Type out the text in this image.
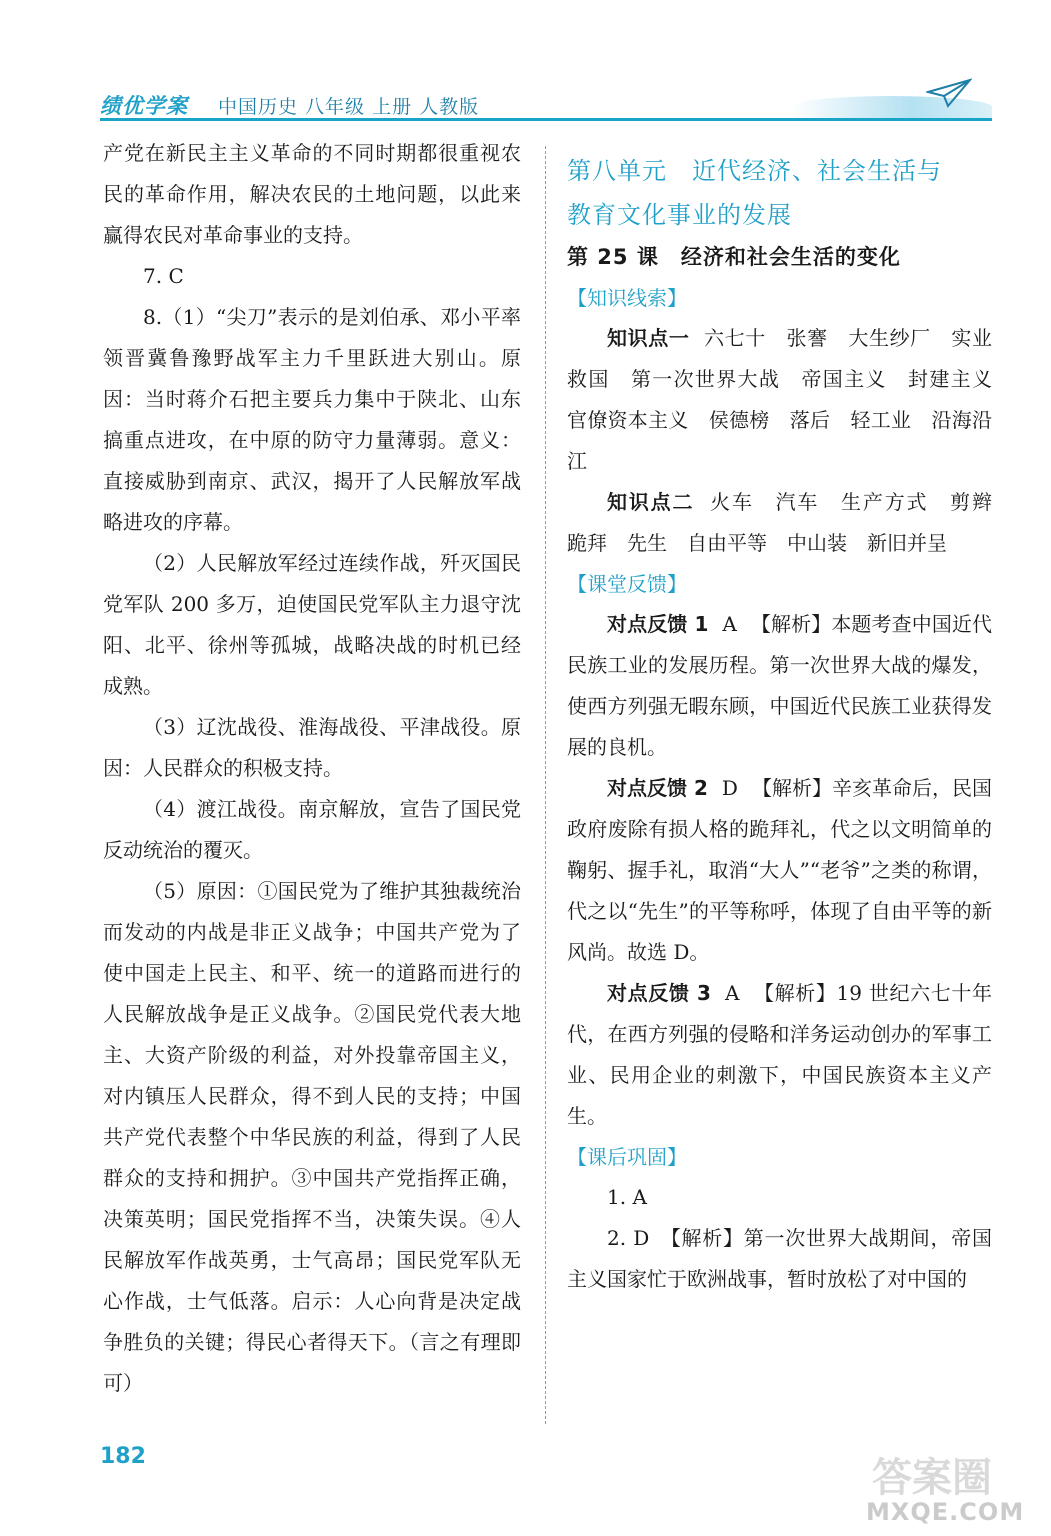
绩优学案 中国历史 八年级 上册 人教版

产党在新民主主义革命的不同时期都很重视农民的革命作用，解决农民的土地问题，以此来赢得农民对革命事业的支持。

7. C

8.（1）“尖刀”表示的是刘伯承、邓小平率领晋冀鲁豫野战军主力千里跃进大别山。原因：当时蒋介石把主要兵力集中于陕北、山东搞重点进攻，在中原的防守力量薄弱。意义：直接威胁到南京、武汉，揭开了人民解放军战略进攻的序幕。

（2）人民解放军经过连续作战，歼灭国民党军队 200 多万，迫使国民党军队主力退守沈阳、北平、徐州等孤城，战略决战的时机已经成熟。

（3）辽沈战役、淮海战役、平津战役。原因：人民群众的积极支持。

（4）渡江战役。南京解放，宣告了国民党反动统治的覆灭。

（5）原因：①国民党为了维护其独裁统治而发动的内战是非正义战争；中国共产党为了使中国走上民主、和平、统一的道路而进行的人民解放战争是正义战争。②国民党代表大地主、大资产阶级的利益，对外投靠帝国主义，对内镇压人民群众，得不到人民的支持；中国共产党代表整个中华民族的利益，得到了人民群众的支持和拥护。③中国共产党指挥正确，决策英明；国民党指挥不当，决策失误。④人民解放军作战英勇，士气高昂；国民党军队无心作战，士气低落。启示：人心向背是决定战争胜负的关键；得民心者得天下。（言之有理即可）

第八单元　近代经济、社会生活与

教育文化事业的发展

第 25 课　经济和社会生活的变化

【知识线索】

知识点一 六七十　张謇　大生纱厂　实业救国　第一次世界大战　帝国主义　封建主义　官僚资本主义　侯德榜　落后　轻工业　沿海沿江

知识点二 火车　汽车　生产方式　剪辫　跪拜　先生　自由平等　中山装　新旧并呈

【课堂反馈】

对点反馈 1 A 【解析】本题考查中国近代民族工业的发展历程。第一次世界大战的爆发，使西方列强无暇东顾，中国近代民族工业获得发展的良机。

对点反馈 2 D 【解析】辛亥革命后，民国政府废除有损人格的跪拜礼，代之以文明简单的鞠躬、握手礼，取消“大人”“老爷”之类的称谓，代之以“先生”的平等称呼，体现了自由平等的新风尚。故选 D。

对点反馈 3 A 【解析】19 世纪六七十年代，在西方列强的侵略和洋务运动创办的军事工业、民用企业的刺激下，中国民族资本主义产生。

【课后巩固】

1. A

2. D　【解析】第一次世界大战期间，帝国主义国家忙于欧洲战事，暂时放松了对中国的

182	答案圈
MXQE.COM
